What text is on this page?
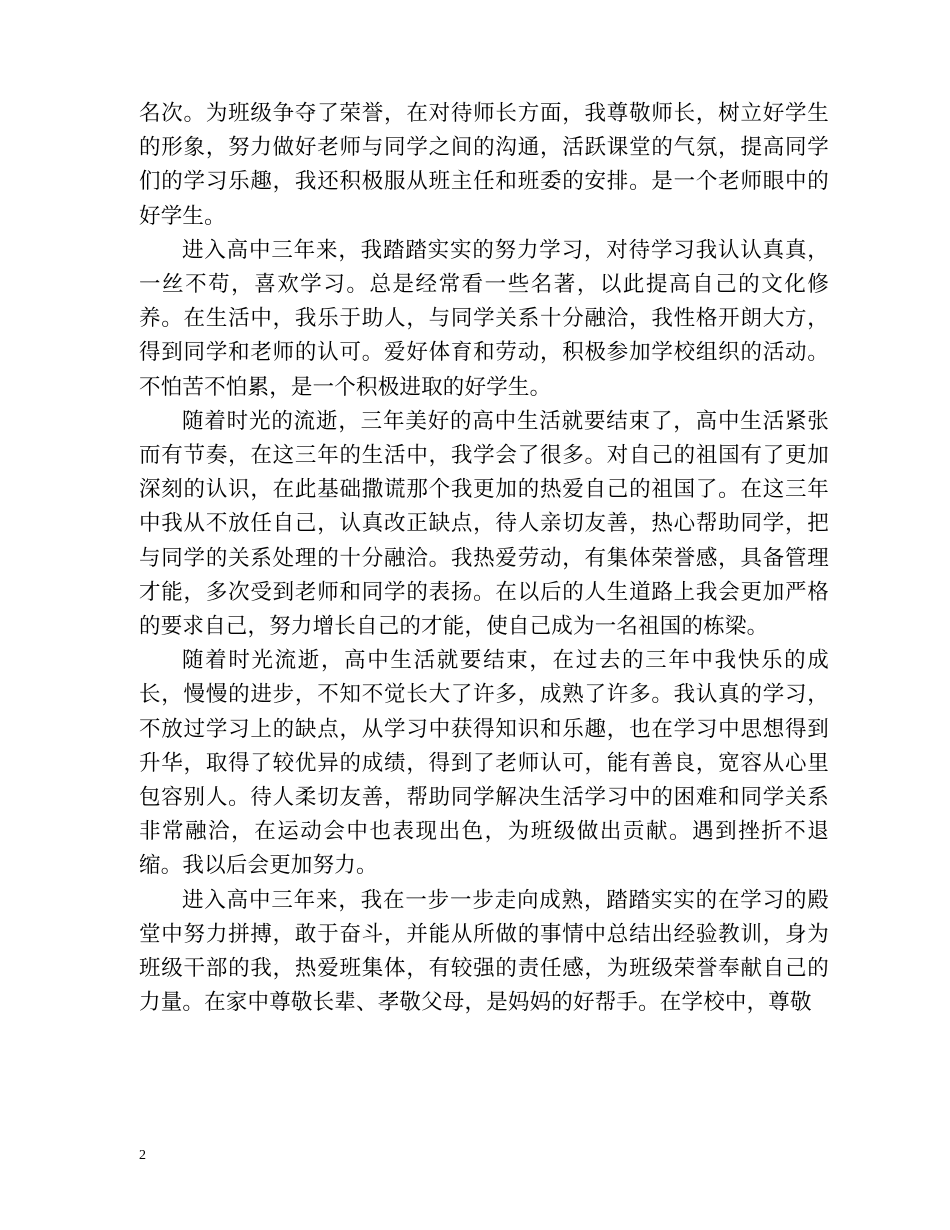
名次。为班级争夺了荣誉，在对待师长方面，我尊敬师长，树立好学生的形象，努力做好老师与同学之间的沟通，活跃课堂的气氛，提高同学们的学习乐趣，我还积极服从班主任和班委的安排。是一个老师眼中的好学生。

进入高中三年来，我踏踏实实的努力学习，对待学习我认认真真，一丝不苟，喜欢学习。总是经常看一些名著，以此提高自己的文化修养。在生活中，我乐于助人，与同学关系十分融洽，我性格开朗大方，得到同学和老师的认可。爱好体育和劳动，积极参加学校组织的活动。不怕苦不怕累，是一个积极进取的好学生。

随着时光的流逝，三年美好的高中生活就要结束了，高中生活紧张而有节奏，在这三年的生活中，我学会了很多。对自己的祖国有了更加深刻的认识，在此基础撒谎那个我更加的热爱自己的祖国了。在这三年中我从不放任自己，认真改正缺点，待人亲切友善，热心帮助同学，把与同学的关系处理的十分融洽。我热爱劳动，有集体荣誉感，具备管理才能，多次受到老师和同学的表扬。在以后的人生道路上我会更加严格的要求自己，努力增长自己的才能，使自己成为一名祖国的栋梁。

随着时光流逝，高中生活就要结束，在过去的三年中我快乐的成长，慢慢的进步，不知不觉长大了许多，成熟了许多。我认真的学习，不放过学习上的缺点，从学习中获得知识和乐趣，也在学习中思想得到升华，取得了较优异的成绩，得到了老师认可，能有善良，宽容从心里包容别人。待人柔切友善，帮助同学解决生活学习中的困难和同学关系非常融洽，在运动会中也表现出色，为班级做出贡献。遇到挫折不退缩。我以后会更加努力。

进入高中三年来，我在一步一步走向成熟，踏踏实实的在学习的殿堂中努力拼搏，敢于奋斗，并能从所做的事情中总结出经验教训，身为班级干部的我，热爱班集体，有较强的责任感，为班级荣誉奉献自己的力量。在家中尊敬长辈、孝敬父母，是妈妈的好帮手。在学校中，尊敬

2
